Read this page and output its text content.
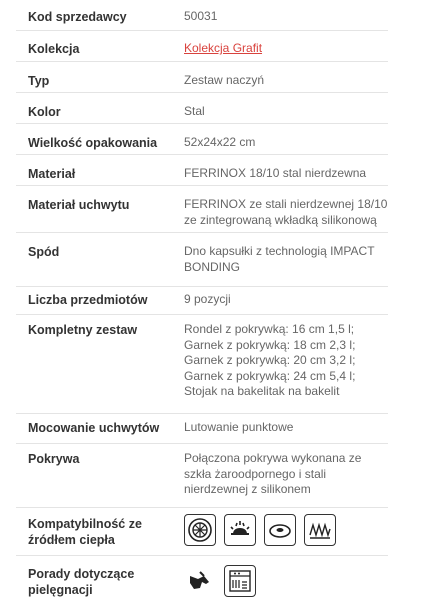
Kod sprzedawcy	50031
Kolekcja	Kolekcja Grafit
Typ	Zestaw naczyń
Kolor	Stal
Wielkość opakowania	52x24x22 cm
Materiał	FERRINOX 18/10 stal nierdzewna
Materiał uchwytu	FERRINOX ze stali nierdzewnej 18/10
ze zintegrowaną wkładką silikonową
Spód	Dno kapsułki z technologią IMPACT
BONDING
Liczba przedmiotów	9 pozycji
Kompletny zestaw	Rondel z pokrywką: 16 cm 1,5 l;
Garnek z pokrywką: 18 cm 2,3 l;
Garnek z pokrywką: 20 cm 3,2 l;
Garnek z pokrywką: 24 cm 5,4 l;
Stojak na bakelitak na bakelit
Mocowanie uchwytów	Lutowanie punktowe
Pokrywa	Połączona pokrywa wykonana ze
szkła żaroodpornego i stali
nierdzewnej z silikonem
Kompatybilność ze
źródłem ciepła
Porady dotyczące
pielęgnacji
